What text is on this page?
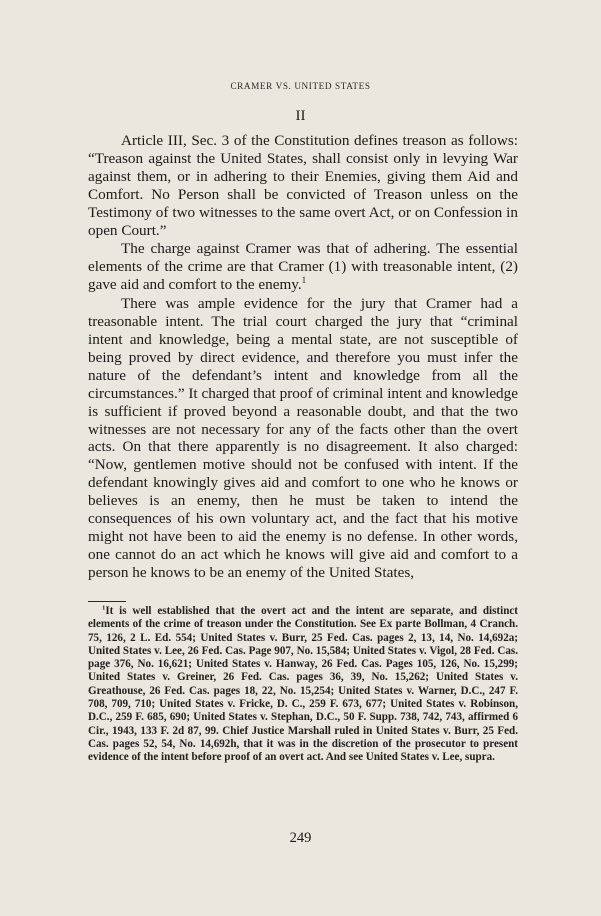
CRAMER VS. UNITED STATES
II

Article III, Sec. 3 of the Constitution defines treason as follows: “Treason against the United States, shall consist only in levying War against them, or in adhering to their Enemies, giving them Aid and Comfort. No Person shall be convicted of Treason unless on the Testimony of two witnesses to the same overt Act, or on Confession in open Court.”

The charge against Cramer was that of adhering. The essential elements of the crime are that Cramer (1) with treasonable intent, (2) gave aid and comfort to the enemy.$^1$

There was ample evidence for the jury that Cramer had a treasonable intent. The trial court charged the jury that “criminal intent and knowledge, being a mental state, are not susceptible of being proved by direct evidence, and therefore you must infer the nature of the defendant’s intent and knowledge from all the circumstances.” It charged that proof of criminal intent and knowledge is sufficient if proved beyond a reasonable doubt, and that the two witnesses are not necessary for any of the facts other than the overt acts. On that there apparently is no disagreement. It also charged: “Now, gentlemen motive should not be confused with intent. If the defendant knowingly gives aid and comfort to one who he knows or believes is an enemy, then he must be taken to intend the consequences of his own voluntary act, and the fact that his motive might not have been to aid the enemy is no defense. In other words, one cannot do an act which he knows will give aid and comfort to a person he knows to be an enemy of the United States,

$^1$It is well established that the overt act and the intent are separate, and distinct elements of the crime of treason under the Constitution. See Ex parte Bollman, 4 Cranch. 75, 126, 2 L. Ed. 554; United States v. Burr, 25 Fed. Cas. pages 2, 13, 14, No. 14,692a; United States v. Lee, 26 Fed. Cas. Page 907, No. 15,584; United States v. Vigol, 28 Fed. Cas. page 376, No. 16,621; United States v. Hanway, 26 Fed. Cas. Pages 105, 126, No. 15,299; United States v. Greiner, 26 Fed. Cas. pages 36, 39, No. 15,262; United States v. Greathouse, 26 Fed. Cas. pages 18, 22, No. 15,254; United States v. Warner, D.C., 247 F. 708, 709, 710; United States v. Fricke, D. C., 259 F. 673, 677; United States v. Robinson, D.C., 259 F. 685, 690; United States v. Stephan, D.C., 50 F. Supp. 738, 742, 743, affirmed 6 Cir., 1943, 133 F. 2d 87, 99. Chief Justice Marshall ruled in United States v. Burr, 25 Fed. Cas. pages 52, 54, No. 14,692h, that it was in the discretion of the prosecutor to present evidence of the intent before proof of an overt act. And see United States v. Lee, supra.

249
